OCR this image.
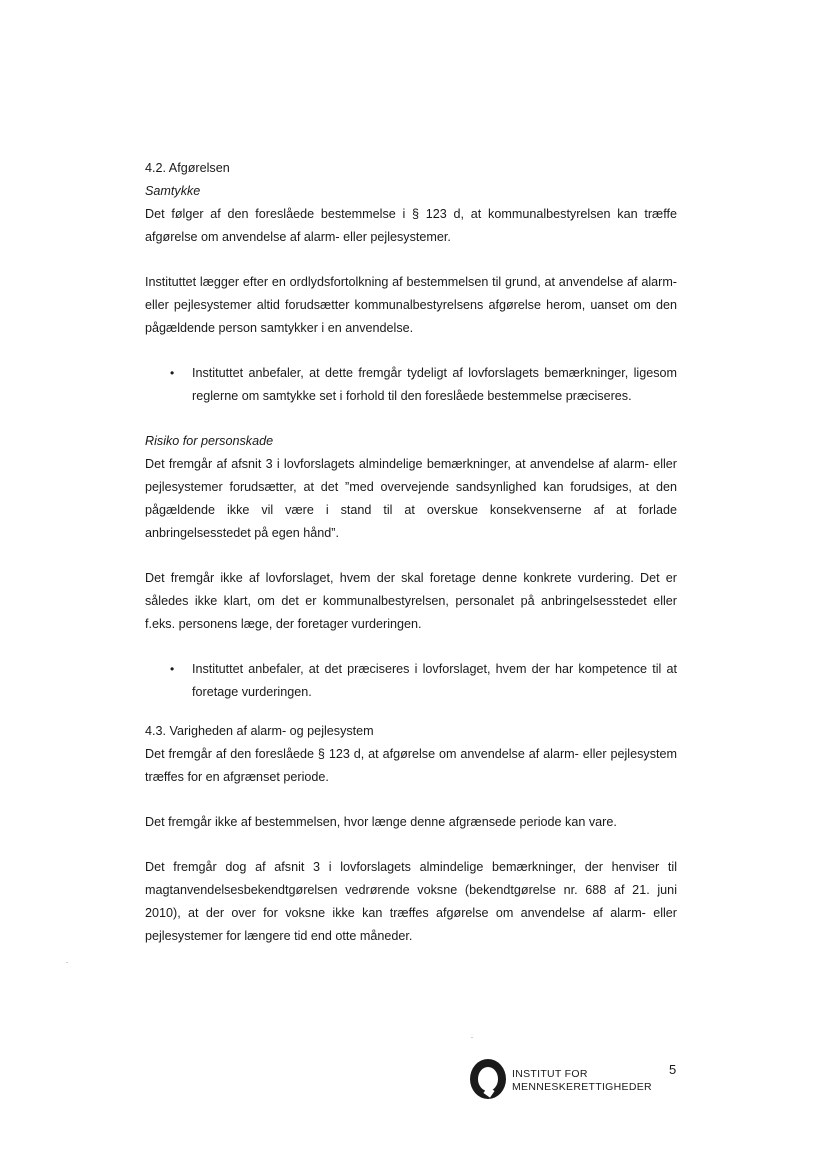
4.2. Afgørelsen

Samtykke

Det følger af den foreslåede bestemmelse i § 123 d, at kommunalbestyrelsen kan træffe afgørelse om anvendelse af alarm- eller pejlesystemer.

Instituttet lægger efter en ordlydsfortolkning af bestemmelsen til grund, at anvendelse af alarm- eller pejlesystemer altid forudsætter kommunalbestyrelsens afgørelse herom, uanset om den pågældende person samtykker i en anvendelse.

• Instituttet anbefaler, at dette fremgår tydeligt af lovforslagets bemærkninger, ligesom reglerne om samtykke set i forhold til den foreslåede bestemmelse præciseres.

Risiko for personskade

Det fremgår af afsnit 3 i lovforslagets almindelige bemærkninger, at anvendelse af alarm- eller pejlesystemer forudsætter, at det ”med overvejende sandsynlighed kan forudsiges, at den pågældende ikke vil være i stand til at overskue konsekvenserne af at forlade anbringelsesstedet på egen hånd”.

Det fremgår ikke af lovforslaget, hvem der skal foretage denne konkrete vurdering. Det er således ikke klart, om det er kommunalbestyrelsen, personalet på anbringelsesstedet eller f.eks. personens læge, der foretager vurderingen.

• Instituttet anbefaler, at det præciseres i lovforslaget, hvem der har kompetence til at foretage vurderingen.

4.3. Varigheden af alarm- og pejlesystem

Det fremgår af den foreslåede § 123 d, at afgørelse om anvendelse af alarm- eller pejlesystem træffes for en afgrænset periode.

Det fremgår ikke af bestemmelsen, hvor længe denne afgrænsede periode kan vare.

Det fremgår dog af afsnit 3 i lovforslagets almindelige bemærkninger, der henviser til magtanvendelsesbekendtgørelsen vedrørende voksne (bekendtgørelse nr. 688 af 21. juni 2010), at der over for voksne ikke kan træffes afgørelse om anvendelse af alarm- eller pejlesystemer for længere tid end otte måneder.

INSTITUT FOR
MENNESKERETTIGHEDER
5
